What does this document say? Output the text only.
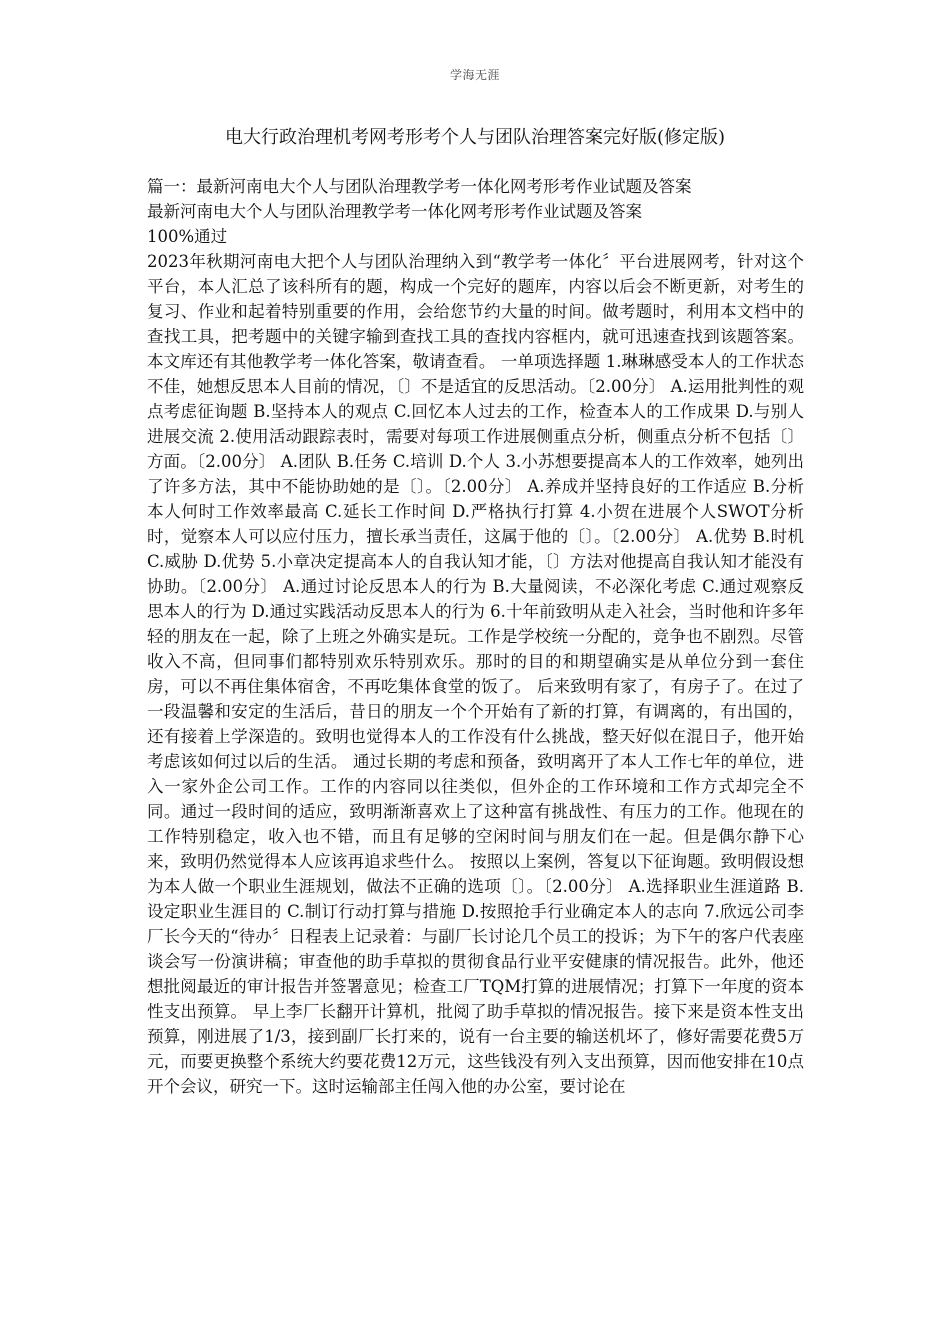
学海无涯
电大行政治理机考网考形考个人与团队治理答案完好版(修定版)

篇一：最新河南电大个人与团队治理教学考一体化网考形考作业试题及答案

最新河南电大个人与团队治理教学考一体化网考形考作业试题及答案

100%通过

2023年秋期河南电大把个人与团队治理纳入到“教学考一体化〞平台进展网考，针对这个平台，本人汇总了该科所有的题，构成一个完好的题库，内容以后会不断更新，对考生的复习、作业和起着特别重要的作用，会给您节约大量的时间。做考题时，利用本文档中的查找工具，把考题中的关键字输到查找工具的查找内容框内，就可迅速查找到该题答案。本文库还有其他教学考一体化答案，敬请查看。 一单项选择题 1.琳琳感受本人的工作状态不佳，她想反思本人目前的情况，〔〕不是适宜的反思活动。〔2.00分〕 A.运用批判性的观点考虑征询题 B.坚持本人的观点 C.回忆本人过去的工作，检查本人的工作成果 D.与别人进展交流 2.使用活动跟踪表时，需要对每项工作进展侧重点分析，侧重点分析不包括〔〕方面。〔2.00分〕 A.团队 B.任务 C.培训 D.个人 3.小苏想要提高本人的工作效率，她列出了许多方法，其中不能协助她的是〔〕。〔2.00分〕 A.养成并坚持良好的工作适应 B.分析本人何时工作效率最高 C.延长工作时间 D.严格执行打算 4.小贺在进展个人SWOT分析时，觉察本人可以应付压力，擅长承当责任，这属于他的〔〕。〔2.00分〕 A.优势 B.时机 C.威胁 D.优势 5.小章决定提高本人的自我认知才能，〔〕方法对他提高自我认知才能没有协助。〔2.00分〕 A.通过讨论反思本人的行为 B.大量阅读，不必深化考虑 C.通过观察反思本人的行为 D.通过实践活动反思本人的行为 6.十年前致明从走入社会，当时他和许多年轻的朋友在一起，除了上班之外确实是玩。工作是学校统一分配的，竞争也不剧烈。尽管收入不高，但同事们都特别欢乐特别欢乐。那时的目的和期望确实是从单位分到一套住房，可以不再住集体宿舍，不再吃集体食堂的饭了。 后来致明有家了，有房子了。在过了一段温馨和安定的生活后，昔日的朋友一个个开始有了新的打算，有调离的，有出国的，还有接着上学深造的。致明也觉得本人的工作没有什么挑战，整天好似在混日子，他开始考虑该如何过以后的生活。 通过长期的考虑和预备，致明离开了本人工作七年的单位，进入一家外企公司工作。工作的内容同以往类似，但外企的工作环境和工作方式却完全不同。通过一段时间的适应，致明渐渐喜欢上了这种富有挑战性、有压力的工作。他现在的工作特别稳定，收入也不错，而且有足够的空闲时间与朋友们在一起。但是偶尔静下心来，致明仍然觉得本人应该再追求些什么。 按照以上案例，答复以下征询题。致明假设想为本人做一个职业生涯规划，做法不正确的选项〔〕。〔2.00分〕 A.选择职业生涯道路 B.设定职业生涯目的 C.制订行动打算与措施 D.按照抢手行业确定本人的志向 7.欣远公司李厂长今天的“待办〞日程表上记录着：与副厂长讨论几个员工的投诉；为下午的客户代表座谈会写一份演讲稿；审查他的助手草拟的贯彻食品行业平安健康的情况报告。此外，他还想批阅最近的审计报告并签署意见；检查工厂TQM打算的进展情况；打算下一年度的资本性支出预算。 早上李厂长翻开计算机，批阅了助手草拟的情况报告。接下来是资本性支出预算，刚进展了1/3，接到副厂长打来的，说有一台主要的输送机坏了，修好需要花费5万元，而要更换整个系统大约要花费12万元，这些钱没有列入支出预算，因而他安排在10点开个会议，研究一下。这时运输部主任闯入他的办公室，要讨论在
